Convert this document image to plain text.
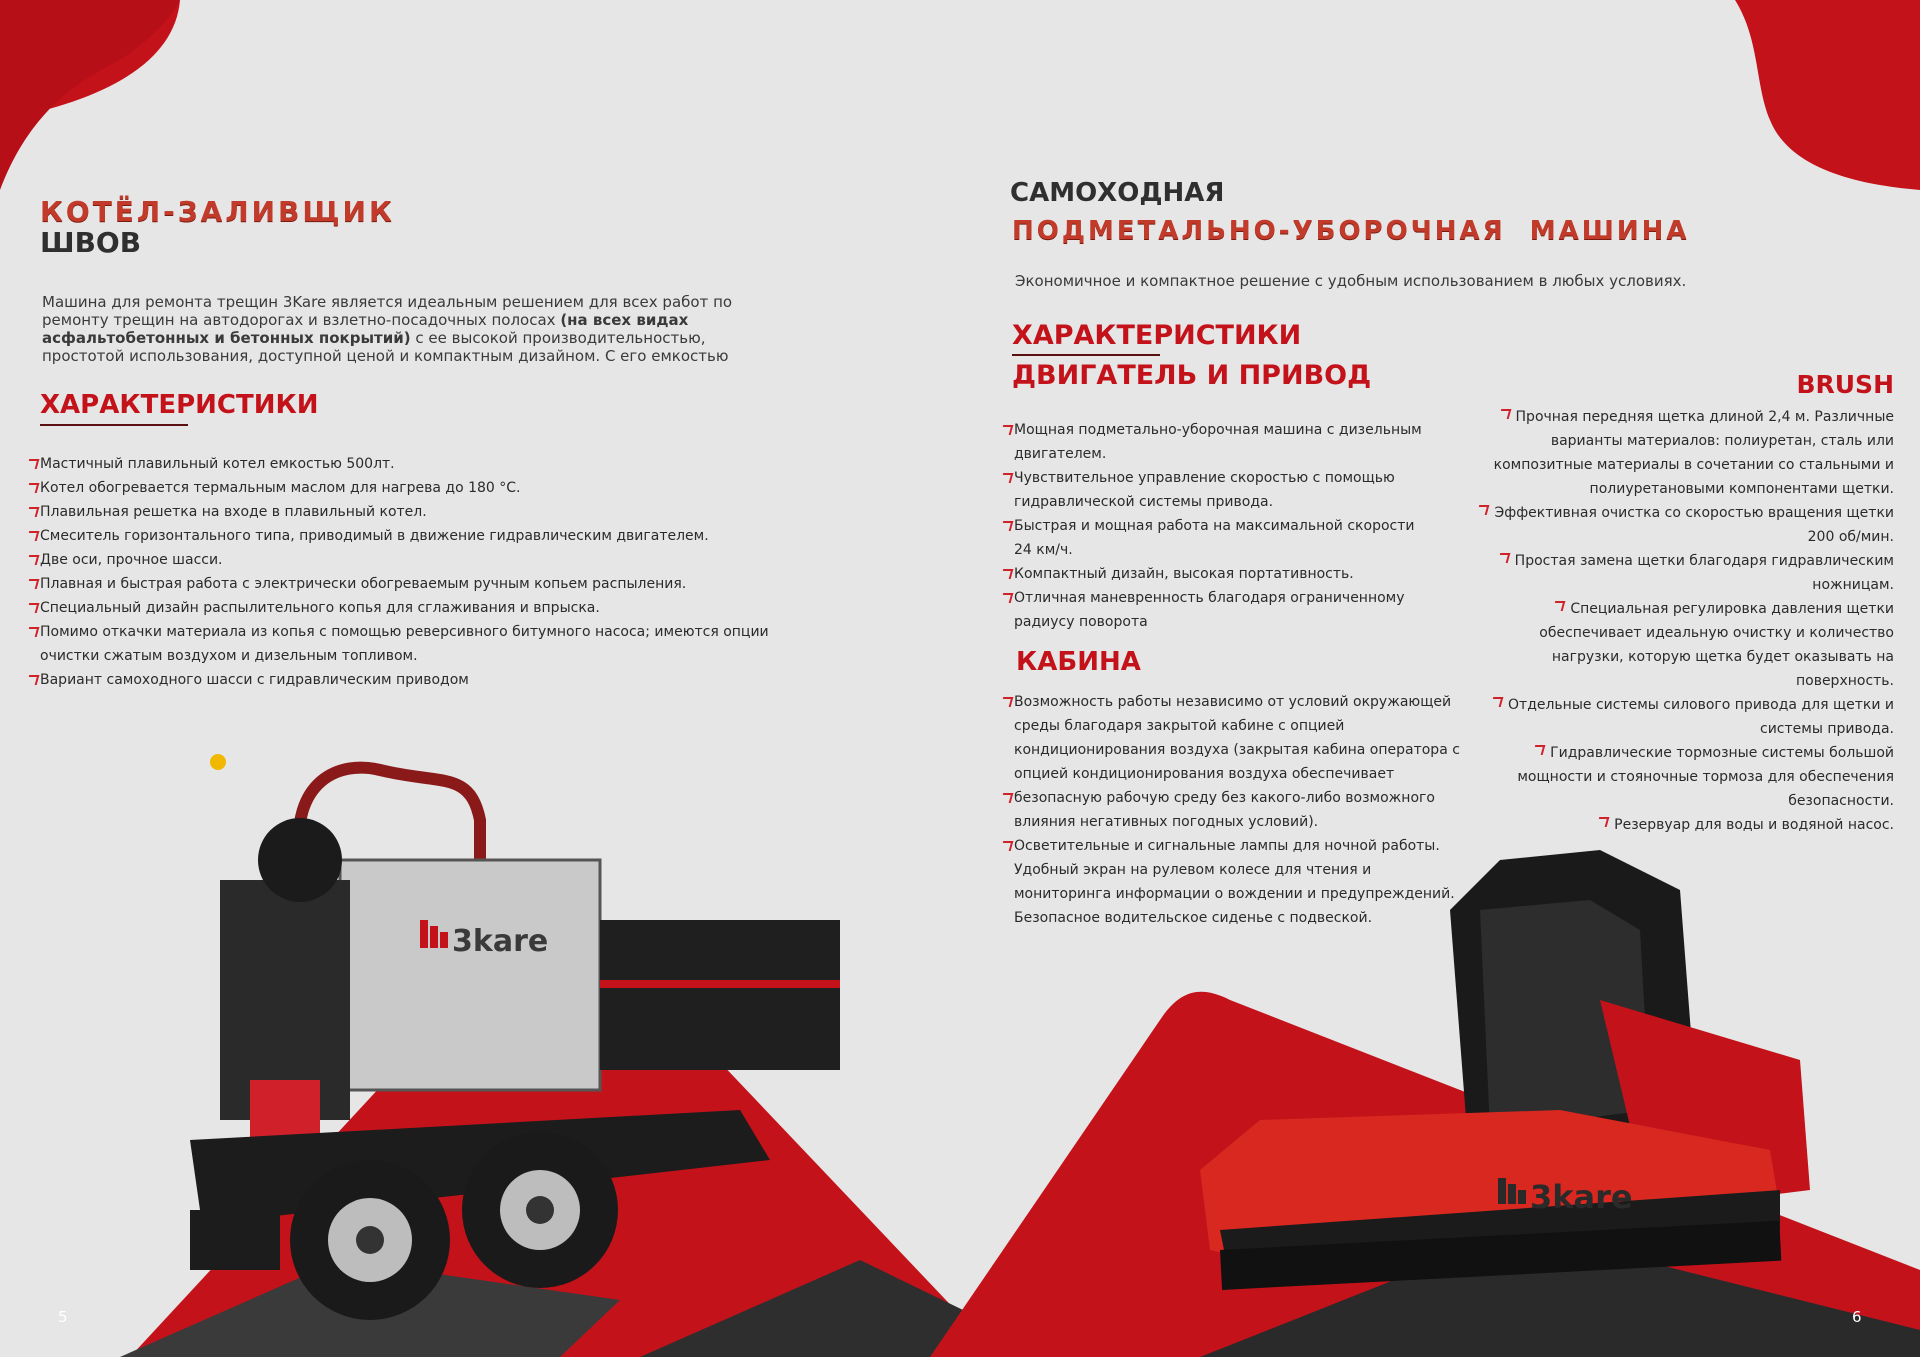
КОТЁЛ-ЗАЛИВЩИК
ШВОВ
Машина для ремонта трещин 3Kare является идеальным решением для всех работ по ремонту трещин на автодорогах и взлетно-посадочных полосах (на всех видах асфальтобетонных и бетонных покрытий) с ее высокой производительностью, простотой использования, доступной ценой и компактным дизайном. С его емкостью
ХАРАКТЕРИСТИКИ
Мастичный плавильный котел емкостью 500лт.
Котел обогревается термальным маслом для нагрева до 180 °C.
Плавильная решетка на входе в плавильный котел.
Смеситель горизонтального типа, приводимый в движение гидравлическим двигателем.
Две оси, прочное шасси.
Плавная и быстрая работа с электрически обогреваемым ручным копьем распыления.
Специальный дизайн распылительного копья для сглаживания и впрыска.
Помимо откачки материала из копья с помощью реверсивного битумного насоса; имеются опции очистки сжатым воздухом и дизельным топливом.
Вариант самоходного шасси с гидравлическим приводом
3kare
5
САМОХОДНАЯ
ПОДМЕТАЛЬНО-УБОРОЧНАЯ  МАШИНА
Экономичное и компактное решение с удобным использованием в любых условиях.
ХАРАКТЕРИСТИКИ
ДВИГАТЕЛЬ И ПРИВОД
Мощная подметально-уборочная машина с дизельным двигателем.
Чувствительное управление скоростью с помощью гидравлической системы привода.
Быстрая и мощная работа на максимальной скорости 24 км/ч.
Компактный дизайн, высокая портативность.
Отличная маневренность благодаря ограниченному радиусу поворота
КАБИНА
Возможность работы независимо от условий окружающей среды благодаря закрытой кабине с опцией кондиционирования воздуха (закрытая кабина оператора с опцией кондиционирования воздуха обеспечивает
безопасную рабочую среду без какого-либо возможного влияния негативных погодных условий).
Осветительные и сигнальные лампы для ночной работы. Удобный экран на рулевом колесе для чтения и мониторинга информации о вождении и предупреждений. Безопасное водительское сиденье с подвеской.
BRUSH
Прочная передняя щетка длиной 2,4 м. Различные варианты материалов: полиуретан, сталь или композитные материалы в сочетании со стальными и полиуретановыми компонентами щетки.
Эффективная очистка со скоростью вращения щетки 200 об/мин.
Простая замена щетки благодаря гидравлическим ножницам.
Специальная регулировка давления щетки обеспечивает идеальную очистку и количество нагрузки, которую щетка будет оказывать на поверхность.
Отдельные системы силового привода для щетки и системы привода.
Гидравлические тормозные системы большой мощности и стояночные тормоза для обеспечения безопасности.
Резервуар для воды и водяной насос.
3kare
6
